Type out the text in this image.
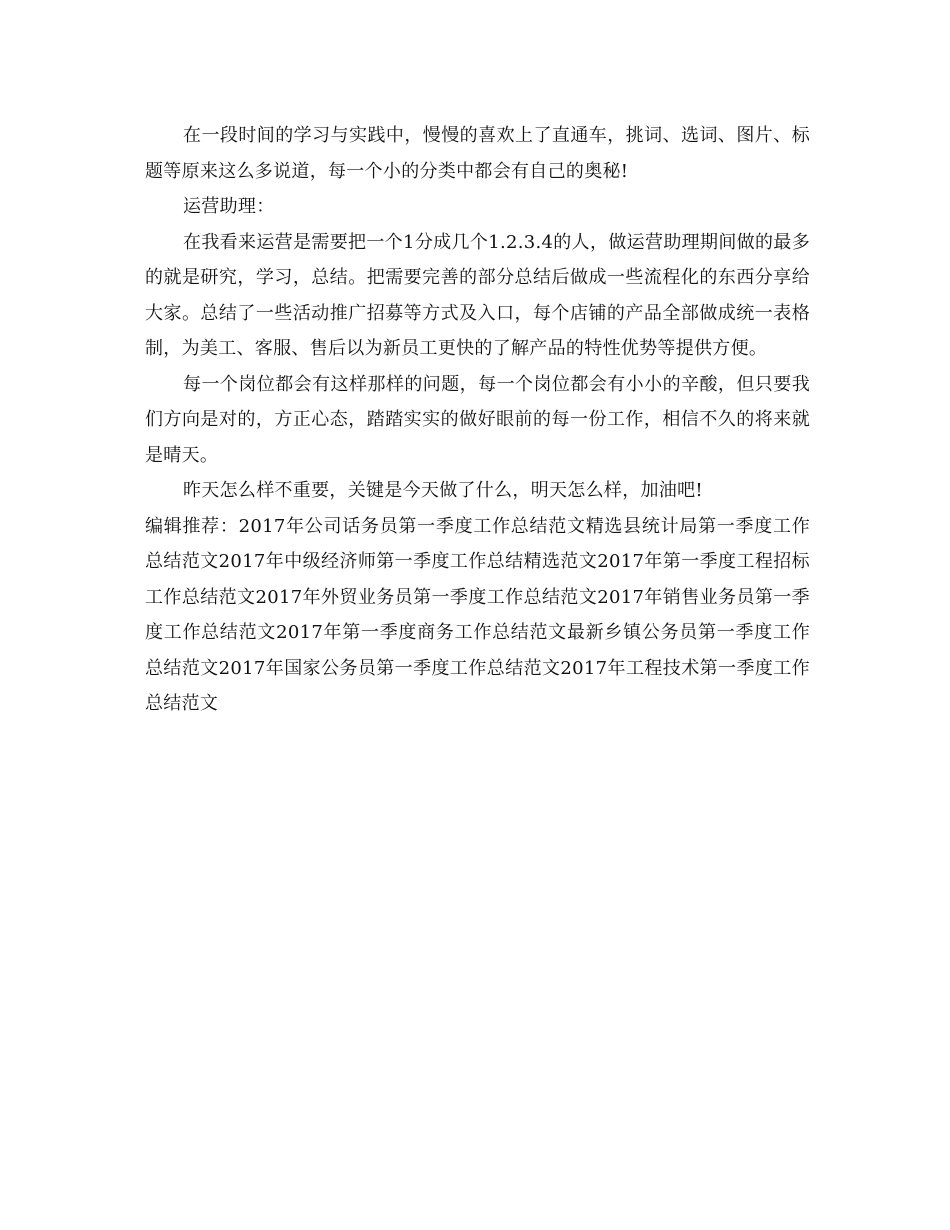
在一段时间的学习与实践中，慢慢的喜欢上了直通车，挑词、选词、图片、标题等原来这么多说道，每一个小的分类中都会有自己的奥秘!

运营助理：

在我看来运营是需要把一个1分成几个1.2.3.4的人，做运营助理期间做的最多的就是研究，学习，总结。把需要完善的部分总结后做成一些流程化的东西分享给大家。总结了一些活动推广招募等方式及入口，每个店铺的产品全部做成统一表格制，为美工、客服、售后以为新员工更快的了解产品的特性优势等提供方便。

每一个岗位都会有这样那样的问题，每一个岗位都会有小小的辛酸，但只要我们方向是对的，方正心态，踏踏实实的做好眼前的每一份工作，相信不久的将来就是晴天。

昨天怎么样不重要，关键是今天做了什么，明天怎么样，加油吧!

编辑推荐：2017年公司话务员第一季度工作总结范文精选县统计局第一季度工作总结范文2017年中级经济师第一季度工作总结精选范文2017年第一季度工程招标工作总结范文2017年外贸业务员第一季度工作总结范文2017年销售业务员第一季度工作总结范文2017年第一季度商务工作总结范文最新乡镇公务员第一季度工作总结范文2017年国家公务员第一季度工作总结范文2017年工程技术第一季度工作总结范文
